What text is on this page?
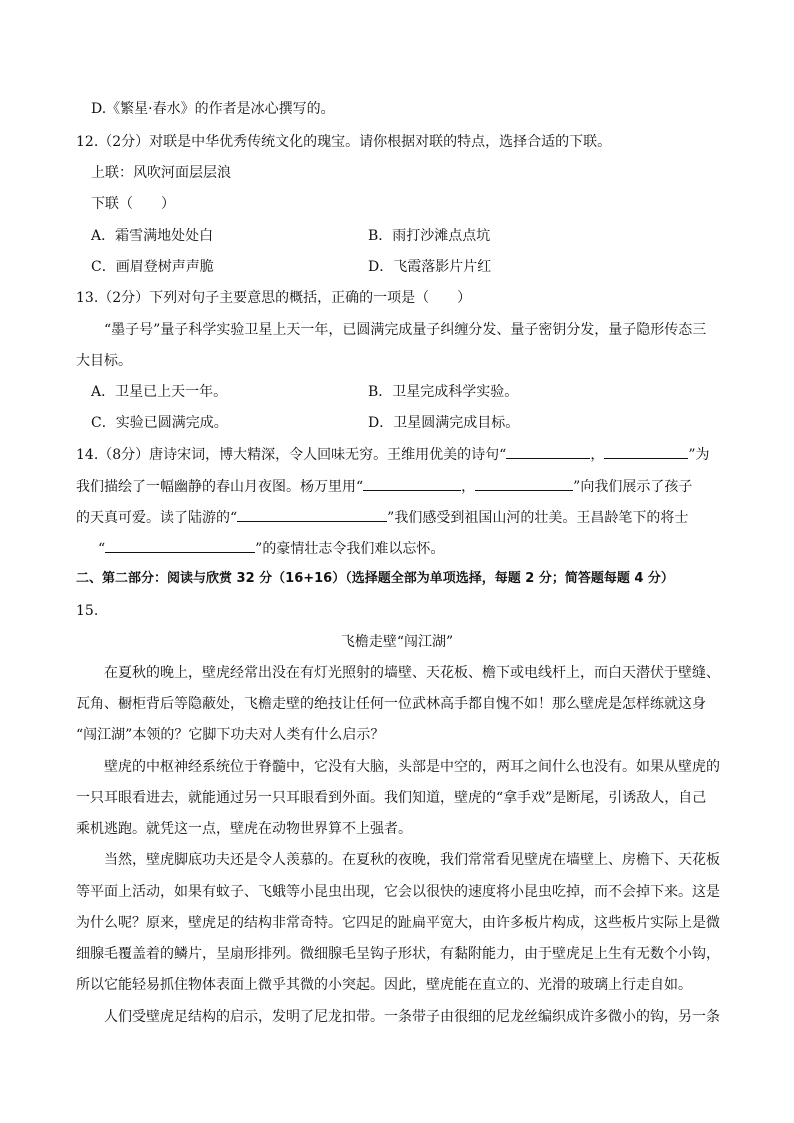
D.《繁星·春水》的作者是冰心撰写的。
12.（2分）对联是中华优秀传统文化的瑰宝。请你根据对联的特点，选择合适的下联。
上联：风吹河面层层浪
下联（　　）
A．霜雪满地处处白	B．雨打沙滩点点坑
C．画眉登树声声脆	D．飞霞落影片片红
13.（2分）下列对句子主要意思的概括，正确的一项是（　　）
“墨子号”量子科学实验卫星上天一年，已圆满完成量子纠缠分发、量子密钥分发，量子隐形传态三
大目标。
A．卫星已上天一年。	B．卫星完成科学实验。
C．实验已圆满完成。	D．卫星圆满完成目标。
14.（8分）唐诗宋词，博大精深，令人回味无穷。王维用优美的诗句“	，	”为
我们描绘了一幅幽静的春山月夜图。杨万里用“	，	”向我们展示了孩子
的天真可爱。读了陆游的“	”我们感受到祖国山河的壮美。王昌龄笔下的将士
“	”的豪情壮志令我们难以忘怀。
二、第二部分：阅读与欣赏 32 分（16+16）（选择题全部为单项选择，每题 2 分；简答题每题 4 分）
15.
飞檐走壁“闯江湖”
在夏秋的晚上，壁虎经常出没在有灯光照射的墙壁、天花板、檐下或电线杆上，而白天潜伏于壁缝、
瓦角、橱柜背后等隐蔽处，飞檐走壁的绝技让任何一位武林高手都自愧不如！那么壁虎是怎样练就这身
“闯江湖”本领的？它脚下功夫对人类有什么启示？
壁虎的中枢神经系统位于脊髓中，它没有大脑，头部是中空的，两耳之间什么也没有。如果从壁虎的
一只耳眼看进去，就能通过另一只耳眼看到外面。我们知道，壁虎的“拿手戏”是断尾，引诱敌人，自己
乘机逃跑。就凭这一点，壁虎在动物世界算不上强者。
当然，壁虎脚底功夫还是令人羡慕的。在夏秋的夜晚，我们常常看见壁虎在墙壁上、房檐下、天花板
等平面上活动，如果有蚊子、飞蛾等小昆虫出现，它会以很快的速度将小昆虫吃掉，而不会掉下来。这是
为什么呢？原来，壁虎足的结构非常奇特。它四足的趾扁平宽大，由许多板片构成，这些板片实际上是微
细腺毛覆盖着的鳞片，呈扇形排列。微细腺毛呈钩子形状，有黏附能力，由于壁虎足上生有无数个小钩，
所以它能轻易抓住物体表面上微乎其微的小突起。因此，壁虎能在直立的、光滑的玻璃上行走自如。
人们受壁虎足结构的启示，发明了尼龙扣带。一条带子由很细的尼龙丝编织成许多微小的钩，另一条
